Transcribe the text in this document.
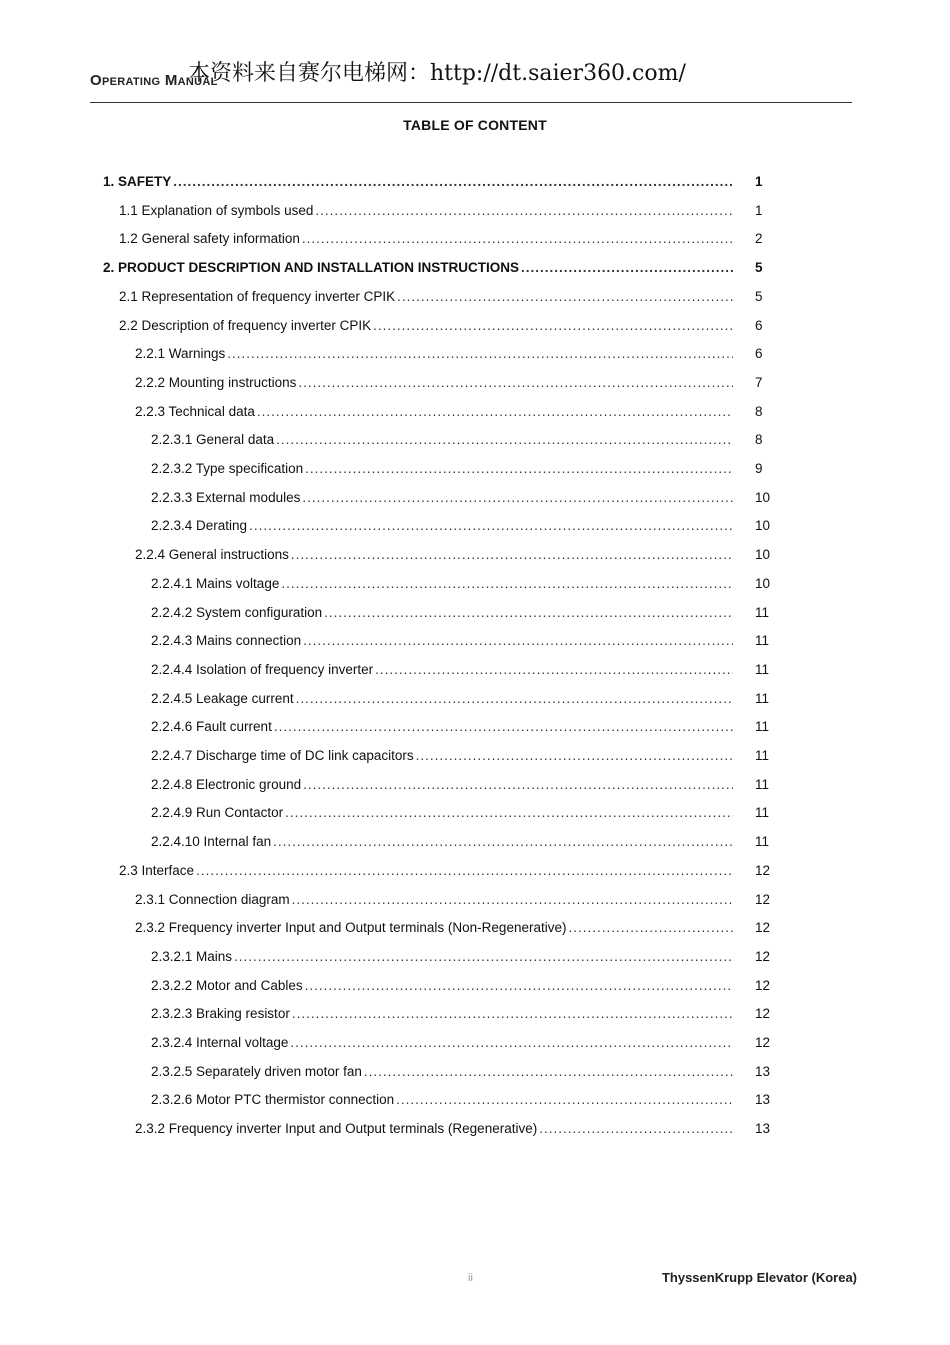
Operating Manual
本资料来自赛尔电梯网：http://dt.saier360.com/
TABLE OF CONTENT
1. SAFETY .....	1
1.1 Explanation of symbols used .....	1
1.2 General safety information .....	2
2. PRODUCT DESCRIPTION AND INSTALLATION INSTRUCTIONS .....	5
2.1 Representation of frequency inverter CPIK .....	5
2.2 Description of frequency inverter CPIK .....	6
2.2.1 Warnings .....	6
2.2.2 Mounting instructions .....	7
2.2.3 Technical data .....	8
2.2.3.1 General data .....	8
2.2.3.2 Type specification .....	9
2.2.3.3 External modules .....	10
2.2.3.4 Derating .....	10
2.2.4 General instructions .....	10
2.2.4.1 Mains voltage .....	10
2.2.4.2 System configuration .....	11
2.2.4.3 Mains connection .....	11
2.2.4.4 Isolation of frequency inverter .....	11
2.2.4.5 Leakage current .....	11
2.2.4.6 Fault current .....	11
2.2.4.7 Discharge time of DC link capacitors .....	11
2.2.4.8 Electronic ground .....	11
2.2.4.9 Run Contactor .....	11
2.2.4.10 Internal fan .....	11
2.3 Interface .....	12
2.3.1 Connection diagram .....	12
2.3.2 Frequency inverter Input and Output terminals (Non-Regenerative) .....	12
2.3.2.1 Mains .....	12
2.3.2.2 Motor and Cables .....	12
2.3.2.3 Braking resistor .....	12
2.3.2.4 Internal voltage .....	12
2.3.2.5 Separately driven motor fan .....	13
2.3.2.6 Motor PTC thermistor connection .....	13
2.3.2 Frequency inverter Input and Output terminals (Regenerative) .....	13
ii	ThyssenKrupp Elevator (Korea)
